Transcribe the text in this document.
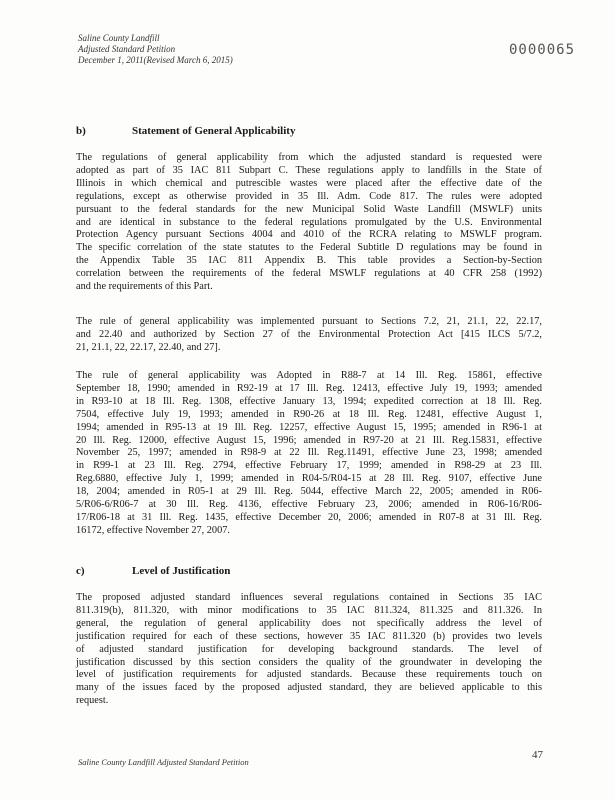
Saline County Landfill
Adjusted Standard Petition
December 1, 2011(Revised March 6, 2015)
0000065
b)	Statement of General Applicability
The regulations of general applicability from which the adjusted standard is requested were
adopted as part of 35 IAC 811 Subpart C. These regulations apply to landfills in the State of
Illinois in which chemical and putrescible wastes were placed after the effective date of the
regulations, except as otherwise provided in 35 Ill. Adm. Code 817. The rules were adopted
pursuant to the federal standards for the new Municipal Solid Waste Landfill (MSWLF) units
and are identical in substance to the federal regulations promulgated by the U.S. Environmental
Protection Agency pursuant Sections 4004 and 4010 of the RCRA relating to MSWLF program.
The specific correlation of the state statutes to the Federal Subtitle D regulations may be found in
the Appendix Table 35 IAC 811 Appendix B. This table provides a Section-by-Section
correlation between the requirements of the federal MSWLF regulations at 40 CFR 258 (1992)
and the requirements of this Part.
The rule of general applicability was implemented pursuant to Sections 7.2, 21, 21.1, 22, 22.17,
and 22.40 and authorized by Section 27 of the Environmental Protection Act [415 ILCS 5/7.2,
21, 21.1, 22, 22.17, 22.40, and 27].
The rule of general applicability was Adopted in R88-7 at 14 Ill. Reg. 15861, effective
September 18, 1990; amended in R92-19 at 17 Ill. Reg. 12413, effective July 19, 1993; amended
in R93-10 at 18 Ill. Reg. 1308, effective January 13, 1994; expedited correction at 18 Ill. Reg.
7504, effective July 19, 1993; amended in R90-26 at 18 Ill. Reg. 12481, effective August 1,
1994; amended in R95-13 at 19 Ill. Reg. 12257, effective August 15, 1995; amended in R96-1 at
20 Ill. Reg. 12000, effective August 15, 1996; amended in R97-20 at 21 Ill. Reg.15831, effective
November 25, 1997; amended in R98-9 at 22 Ill. Reg.11491, effective June 23, 1998; amended
in R99-1 at 23 Ill. Reg. 2794, effective February 17, 1999; amended in R98-29 at 23 Ill.
Reg.6880, effective July 1, 1999; amended in R04-5/R04-15 at 28 Ill. Reg. 9107, effective June
18, 2004; amended in R05-1 at 29 Ill. Reg. 5044, effective March 22, 2005; amended in R06-
5/R06-6/R06-7 at 30 Ill. Reg. 4136, effective February 23, 2006; amended in R06-16/R06-
17/R06-18 at 31 Ill. Reg. 1435, effective December 20, 2006; amended in R07-8 at 31 Ill. Reg.
16172, effective November 27, 2007.
c)	Level of Justification
The proposed adjusted standard influences several regulations contained in Sections 35 IAC
811.319(b), 811.320, with minor modifications to 35 IAC 811.324, 811.325 and 811.326. In
general, the regulation of general applicability does not specifically address the level of
justification required for each of these sections, however 35 IAC 811.320 (b) provides two levels
of adjusted standard justification for developing background standards. The level of
justification discussed by this section considers the quality of the groundwater in developing the
level of justification requirements for adjusted standards. Because these requirements touch on
many of the issues faced by the proposed adjusted standard, they are believed applicable to this
request.
Saline County Landfill Adjusted Standard Petition
47
